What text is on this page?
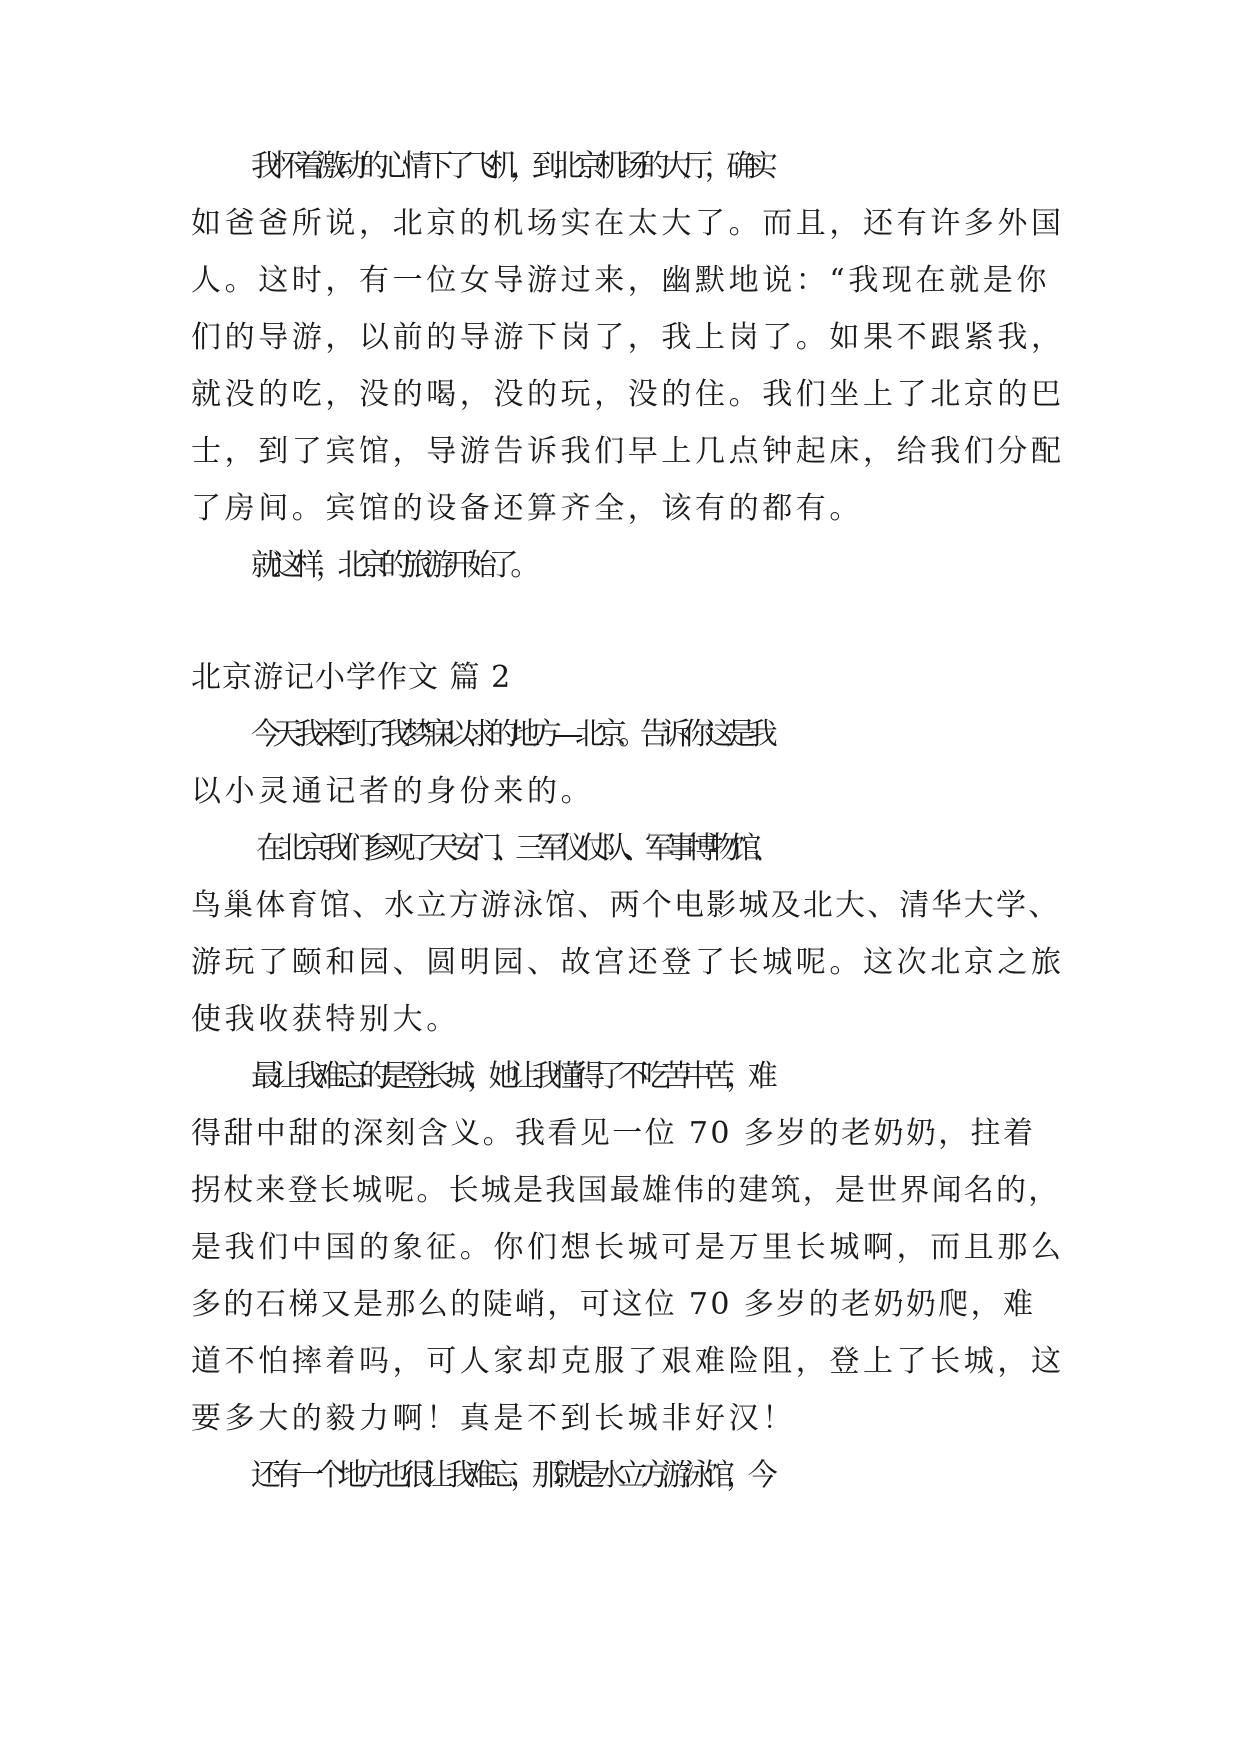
我怀着激动的心情下了飞机，到北京机场的大厅，确实
如爸爸所说，北京的机场实在太大了。而且，还有许多外国
人。这时，有一位女导游过来，幽默地说：“我现在就是你
们的导游，以前的导游下岗了，我上岗了。如果不跟紧我，
就没的吃，没的喝，没的玩，没的住。我们坐上了北京的巴
士，到了宾馆，导游告诉我们早上几点钟起床，给我们分配
了房间。宾馆的设备还算齐全，该有的都有。
就这样，北京的旅游开始了。
北京游记小学作文 篇 2
今天我来到了我梦寐以求的地方—北京。告诉你这是我
以小灵通记者的身份来的。
在北京我们参观了天安门、三军仪仗队、军事博物馆、
鸟巢体育馆、水立方游泳馆、两个电影城及北大、清华大学、
游玩了颐和园、圆明园、故宫还登了长城呢。这次北京之旅
使我收获特别大。
最让我难忘的是登长城，她让我懂得了不吃苦中苦，难
得甜中甜的深刻含义。我看见一位 70 多岁的老奶奶，拄着
拐杖来登长城呢。长城是我国最雄伟的建筑，是世界闻名的，
是我们中国的象征。你们想长城可是万里长城啊，而且那么
多的石梯又是那么的陡峭，可这位 70 多岁的老奶奶爬，难
道不怕摔着吗，可人家却克服了艰难险阻，登上了长城，这
要多大的毅力啊！真是不到长城非好汉！
还有一个地方也很让我难忘，那就是水立方游泳馆，今
